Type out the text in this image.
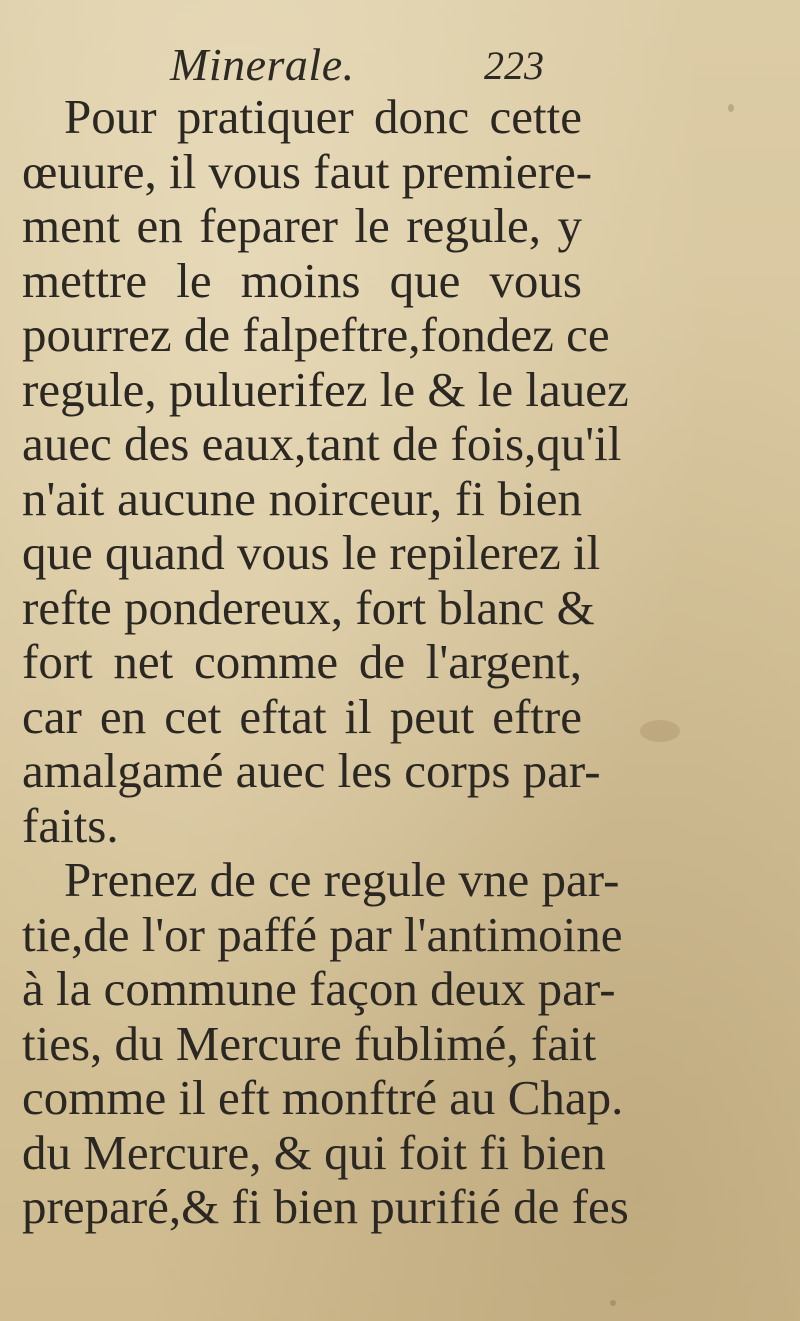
Minerale.	223
Pour pratiquer donc cette
œuure, il vous faut premiere-
ment en feparer le regule, y
mettre le moins que vous
pourrez de falpeftre,fondez ce
regule, puluerifez le & le lauez
auec des eaux,tant de fois,qu'il
n'ait aucune noirceur, fi bien
que quand vous le repilerez il
refte pondereux, fort blanc &
fort net comme de l'argent,
car en cet eftat il peut eftre
amalgamé auec les corps par-
faits.
Prenez de ce regule vne par-
tie,de l'or paffé par l'antimoine
à la commune façon deux par-
ties, du Mercure fublimé, fait
comme il eft monftré au Chap.
du Mercure, & qui foit fi bien
preparé,& fi bien purifié de fes
